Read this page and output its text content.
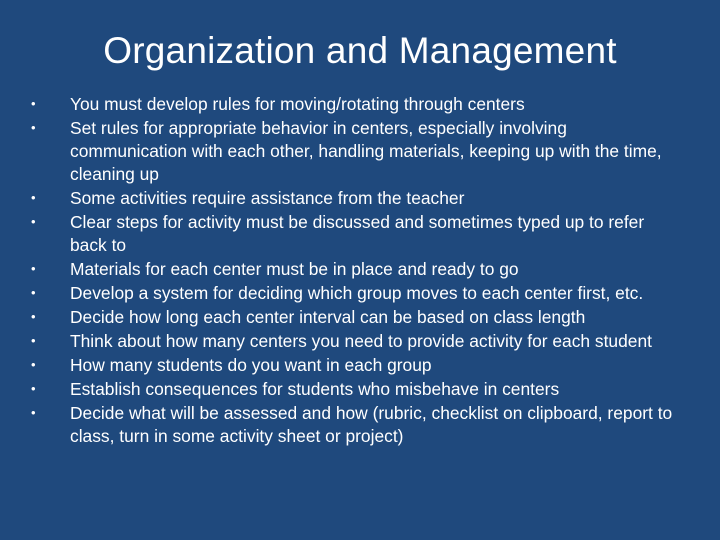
Organization and Management
•	You must develop rules for moving/rotating through centers
•	Set rules for appropriate behavior in centers, especially involving communication with each other, handling materials, keeping up with the time, cleaning up
•	Some activities require assistance from the teacher
•	Clear steps for activity must be discussed and sometimes typed up to refer back to
•	Materials for each center must be in place and ready to go
•	Develop a system for deciding which group moves to each center first, etc.
•	Decide how long each center interval can be based on class length
•	Think about how many centers you need to provide activity for each student
•	How many students do you want in each group
•	Establish consequences for students who misbehave in centers
•	Decide what will be assessed and how (rubric, checklist on clipboard, report to class, turn in some activity sheet or project)
